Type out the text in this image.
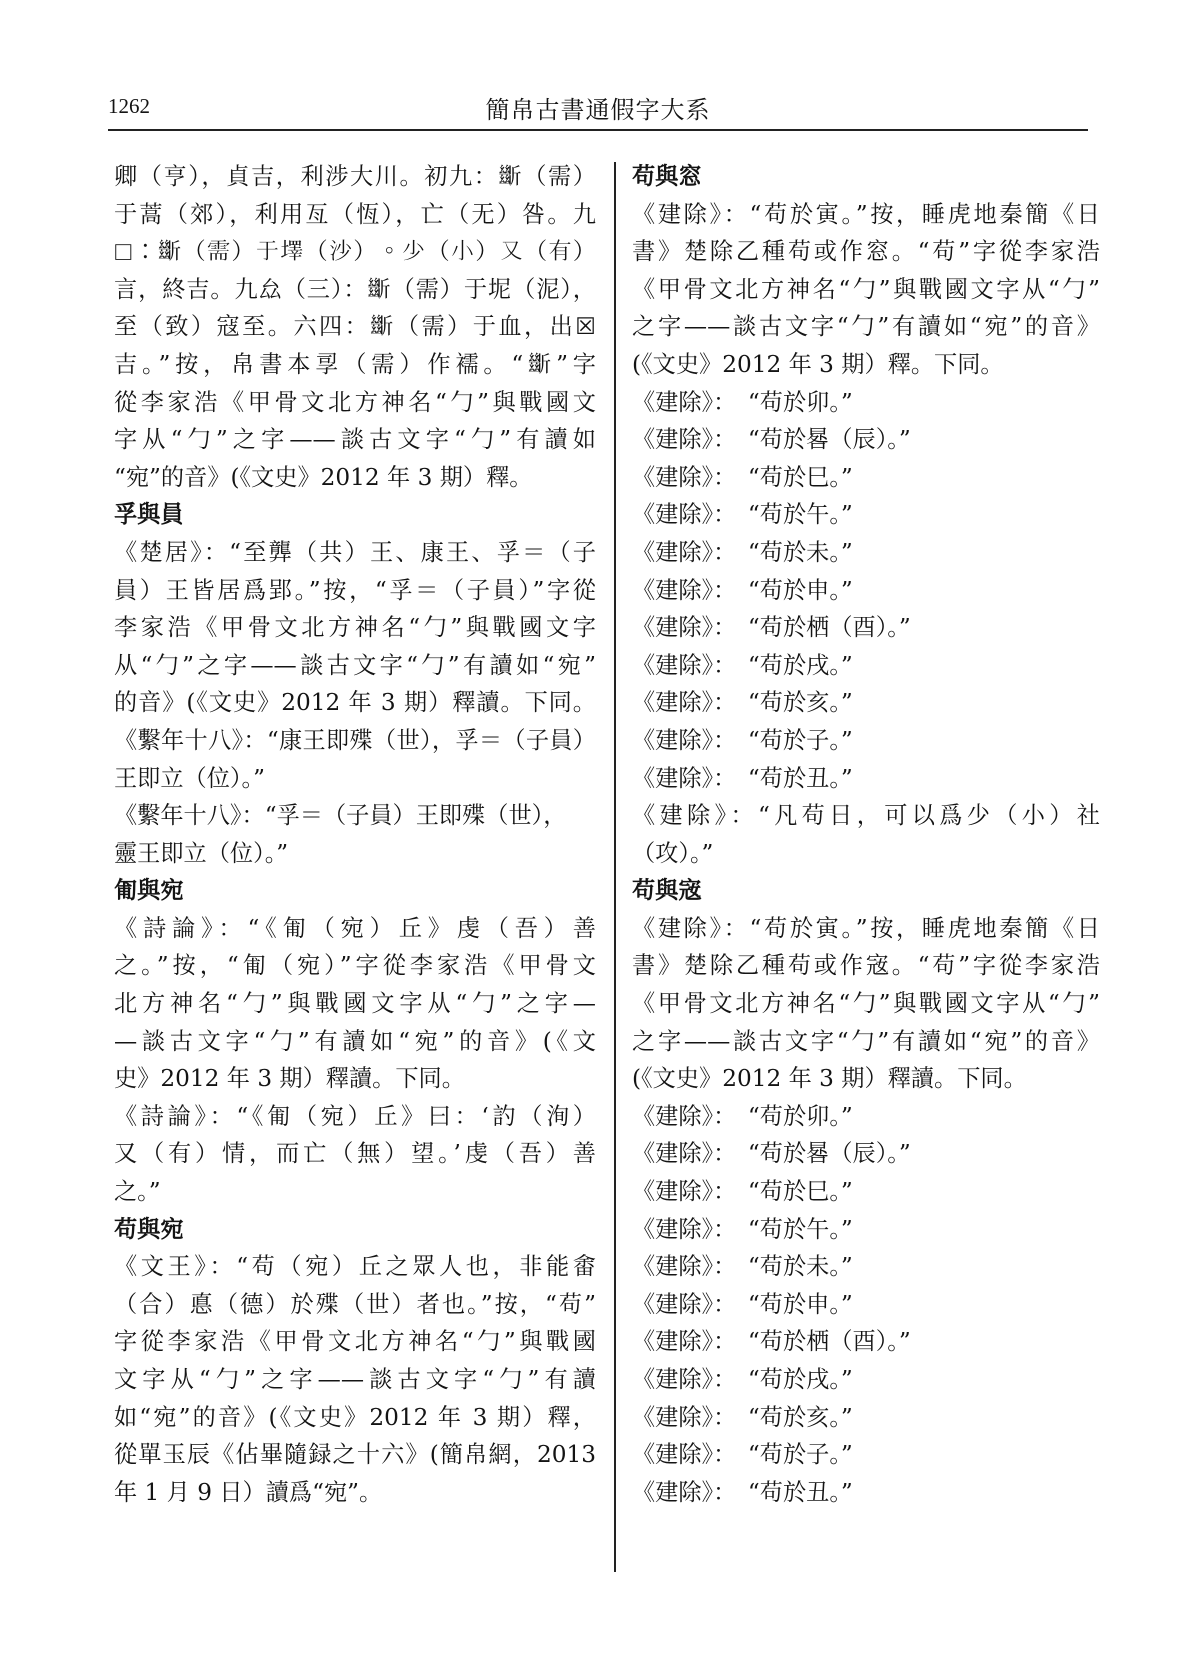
1262	簡帛古書通假字大系
卿（亨），貞吉，利涉大川。初九：𣃔（需）
于蒿（郊），利用亙（恆），亡（无）咎。九
☐：𣃔（需）于墿（沙）。少（小）又（有）
言，終吉。九厽（三）：𣃔（需）于坭（泥），
至（致）寇至。六四：𣃔（需）于血，出☒
吉。”按，帛書本孠（需）作襦。“𣃔”字
從李家浩《甲骨文北方神名“勹”與戰國文
字从“勹”之字——談古文字“勹”有讀如
“宛”的音》(《文史》2012 年 3 期）釋。
孚與員
《楚居》：“至龏（共）王、康王、孚＝（子
員）王皆居爲郢。”按，“孚＝（子員）”字從
李家浩《甲骨文北方神名“勹”與戰國文字
从“勹”之字——談古文字“勹”有讀如“宛”
的音》(《文史》2012 年 3 期）釋讀。下同。
《繫年十八》：“康王即殜（世），孚＝（子員）
王即立（位）。”
《繫年十八》：“孚＝（子員）王即殜（世），
靈王即立（位）。”
匍與宛
《詩論》：“《匍（宛）丘》虔（吾）善
之。”按，“匍（宛）”字從李家浩《甲骨文
北方神名“勹”與戰國文字从“勹”之字—
—談古文字“勹”有讀如“宛”的音》(《文
史》2012 年 3 期）釋讀。下同。
《詩論》：“《匍（宛）丘》曰：‘訋（洵）
又（有）情，而亡（無）望。’虔（吾）善
之。”
苟與宛
《文王》：“苟（宛）丘之眾人也，非能畬
（合）悳（德）於殜（世）者也。”按，“苟”
字從李家浩《甲骨文北方神名“勹”與戰國
文字从“勹”之字——談古文字“勹”有讀
如“宛”的音》(《文史》2012 年 3 期）釋，
從單玉辰《佔畢隨録之十六》(簡帛網，2013
年 1 月 9 日）讀爲“宛”。
苟與窓
《建除》：“苟於寅。”按，睡虎地秦簡《日
書》楚除乙種苟或作窓。“苟”字從李家浩
《甲骨文北方神名“勹”與戰國文字从“勹”
之字——談古文字“勹”有讀如“宛”的音》
(《文史》2012 年 3 期）釋。下同。
《建除》：　“苟於卯。”
《建除》：　“苟於晷（辰）。”
《建除》：　“苟於巳。”
《建除》：　“苟於午。”
《建除》：　“苟於未。”
《建除》：　“苟於申。”
《建除》：　“苟於栖（酉）。”
《建除》：　“苟於戌。”
《建除》：　“苟於亥。”
《建除》：　“苟於子。”
《建除》：　“苟於丑。”
《建除》：“凡苟日，可以爲少（小）社
（攻）。”
苟與宼
《建除》：“苟於寅。”按，睡虎地秦簡《日
書》楚除乙種苟或作宼。“苟”字從李家浩
《甲骨文北方神名“勹”與戰國文字从“勹”
之字——談古文字“勹”有讀如“宛”的音》
(《文史》2012 年 3 期）釋讀。下同。
《建除》：　“苟於卯。”
《建除》：　“苟於晷（辰）。”
《建除》：　“苟於巳。”
《建除》：　“苟於午。”
《建除》：　“苟於未。”
《建除》：　“苟於申。”
《建除》：　“苟於栖（酉）。”
《建除》：　“苟於戌。”
《建除》：　“苟於亥。”
《建除》：　“苟於子。”
《建除》：　“苟於丑。”
